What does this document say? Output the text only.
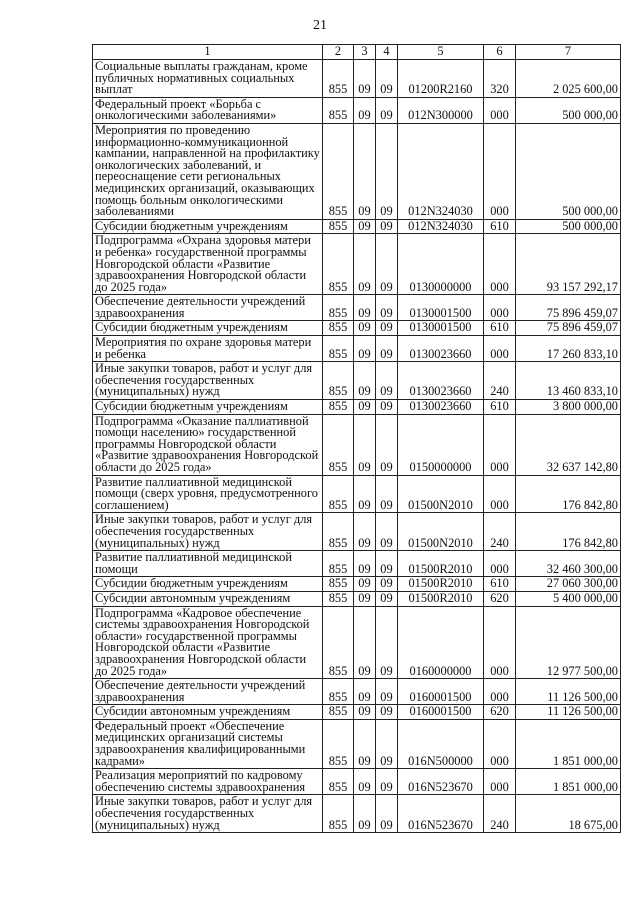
21
1	2	3	4	5	6	7
Социальные выплаты гражданам, кроме публичных нормативных социальных выплат	855	09	09	01200R2160	320	2 025 600,00
Федеральный проект «Борьба с онкологическими заболеваниями»	855	09	09	012N300000	000	500 000,00
Мероприятия по проведению информационно-коммуникационной кампании, направленной на профилактику онкологических заболеваний, и переоснащение сети региональных медицинских организаций, оказывающих помощь больным онкологическими заболеваниями	855	09	09	012N324030	000	500 000,00
Субсидии бюджетным учреждениям	855	09	09	012N324030	610	500 000,00
Подпрограмма «Охрана здоровья матери и ребенка» государственной программы Новгородской области «Развитие здравоохранения Новгородской области до 2025 года»	855	09	09	0130000000	000	93 157 292,17
Обеспечение деятельности учреждений здравоохранения	855	09	09	0130001500	000	75 896 459,07
Субсидии бюджетным учреждениям	855	09	09	0130001500	610	75 896 459,07
Мероприятия по охране здоровья матери и ребенка	855	09	09	0130023660	000	17 260 833,10
Иные закупки товаров, работ и услуг для обеспечения государственных (муниципальных) нужд	855	09	09	0130023660	240	13 460 833,10
Субсидии бюджетным учреждениям	855	09	09	0130023660	610	3 800 000,00
Подпрограмма «Оказание паллиативной помощи населению» государственной программы Новгородской области «Развитие здравоохранения Новгородской области до 2025 года»	855	09	09	0150000000	000	32 637 142,80
Развитие паллиативной медицинской помощи (сверх уровня, предусмотренного соглашением)	855	09	09	01500N2010	000	176 842,80
Иные закупки товаров, работ и услуг для обеспечения государственных (муниципальных) нужд	855	09	09	01500N2010	240	176 842,80
Развитие паллиативной медицинской помощи	855	09	09	01500R2010	000	32 460 300,00
Субсидии бюджетным учреждениям	855	09	09	01500R2010	610	27 060 300,00
Субсидии автономным учреждениям	855	09	09	01500R2010	620	5 400 000,00
Подпрограмма «Кадровое обеспечение системы здравоохранения Новгородской области» государственной программы Новгородской области «Развитие здравоохранения Новгородской области до 2025 года»	855	09	09	0160000000	000	12 977 500,00
Обеспечение деятельности учреждений здравоохранения	855	09	09	0160001500	000	11 126 500,00
Субсидии автономным учреждениям	855	09	09	0160001500	620	11 126 500,00
Федеральный проект «Обеспечение медицинских организаций системы здравоохранения квалифицированными кадрами»	855	09	09	016N500000	000	1 851 000,00
Реализация мероприятий по кадровому обеспечению системы здравоохранения	855	09	09	016N523670	000	1 851 000,00
Иные закупки товаров, работ и услуг для обеспечения государственных (муниципальных) нужд	855	09	09	016N523670	240	18 675,00
